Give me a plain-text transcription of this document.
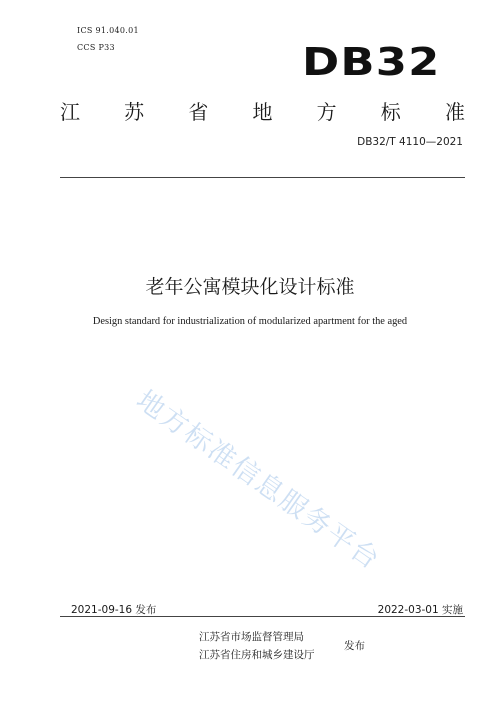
ICS 91.040.01
CCS P33	DB32
江 苏 省 地 方 标 准
DB32/T 4110—2021
老年公寓模块化设计标准
Design standard for industrialization of modularized apartment for the aged
地方标准信息服务平台
2021-09-16 发布	2022-03-01 实施
江苏省市场监督管理局
江苏省住房和城乡建设厅
发布
